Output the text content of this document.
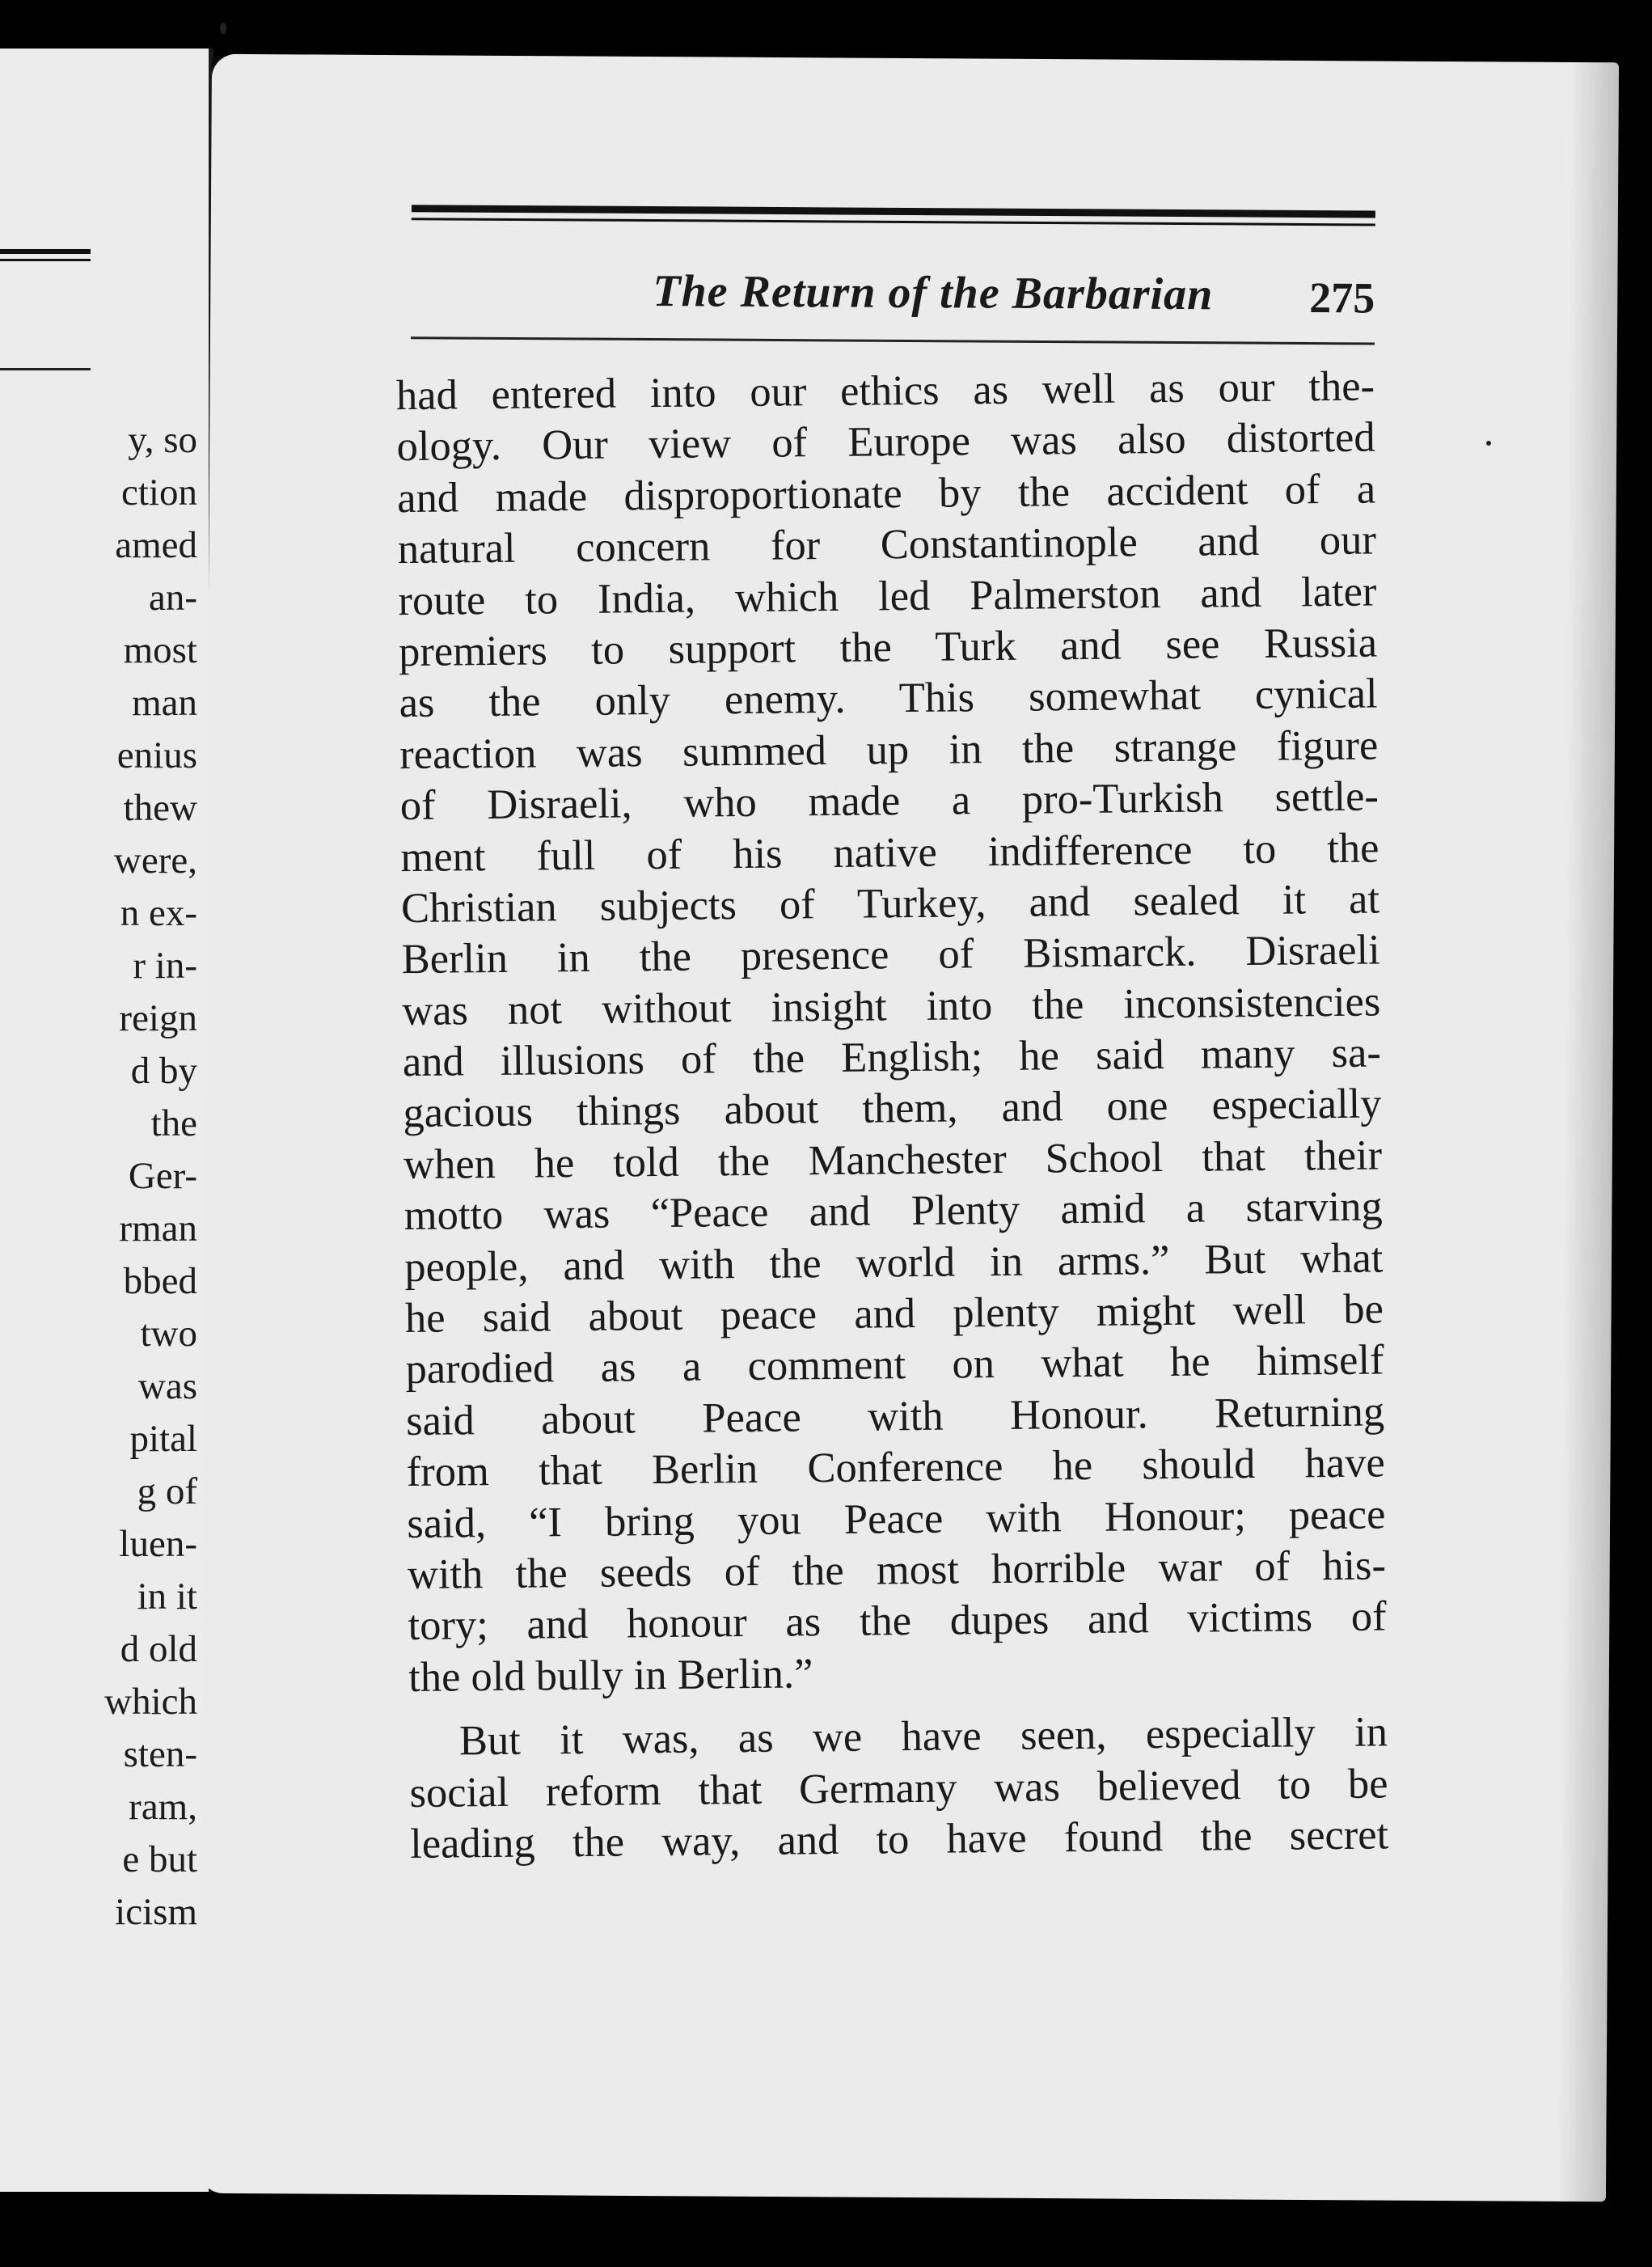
y, so
ction
amed
an-
most
man
enius
thew
were,
n ex-
r in-
reign
d by
the
Ger-
rman
bbed
two
was
pital
g of
luen-
in it
d old
which
sten-
ram,
e but
icism
The Return of the Barbarian 275
had entered into our ethics as well as our the-
ology. Our view of Europe was also distorted
and made disproportionate by the accident of a
natural concern for Constantinople and our
route to India, which led Palmerston and later
premiers to support the Turk and see Russia
as the only enemy. This somewhat cynical
reaction was summed up in the strange figure
of Disraeli, who made a pro-Turkish settle-
ment full of his native indifference to the
Christian subjects of Turkey, and sealed it at
Berlin in the presence of Bismarck. Disraeli
was not without insight into the inconsistencies
and illusions of the English; he said many sa-
gacious things about them, and one especially
when he told the Manchester School that their
motto was “Peace and Plenty amid a starving
people, and with the world in arms.” But what
he said about peace and plenty might well be
parodied as a comment on what he himself
said about Peace with Honour. Returning
from that Berlin Conference he should have
said, “I bring you Peace with Honour; peace
with the seeds of the most horrible war of his-
tory; and honour as the dupes and victims of
the old bully in Berlin.”
But it was, as we have seen, especially in
social reform that Germany was believed to be
leading the way, and to have found the secret
